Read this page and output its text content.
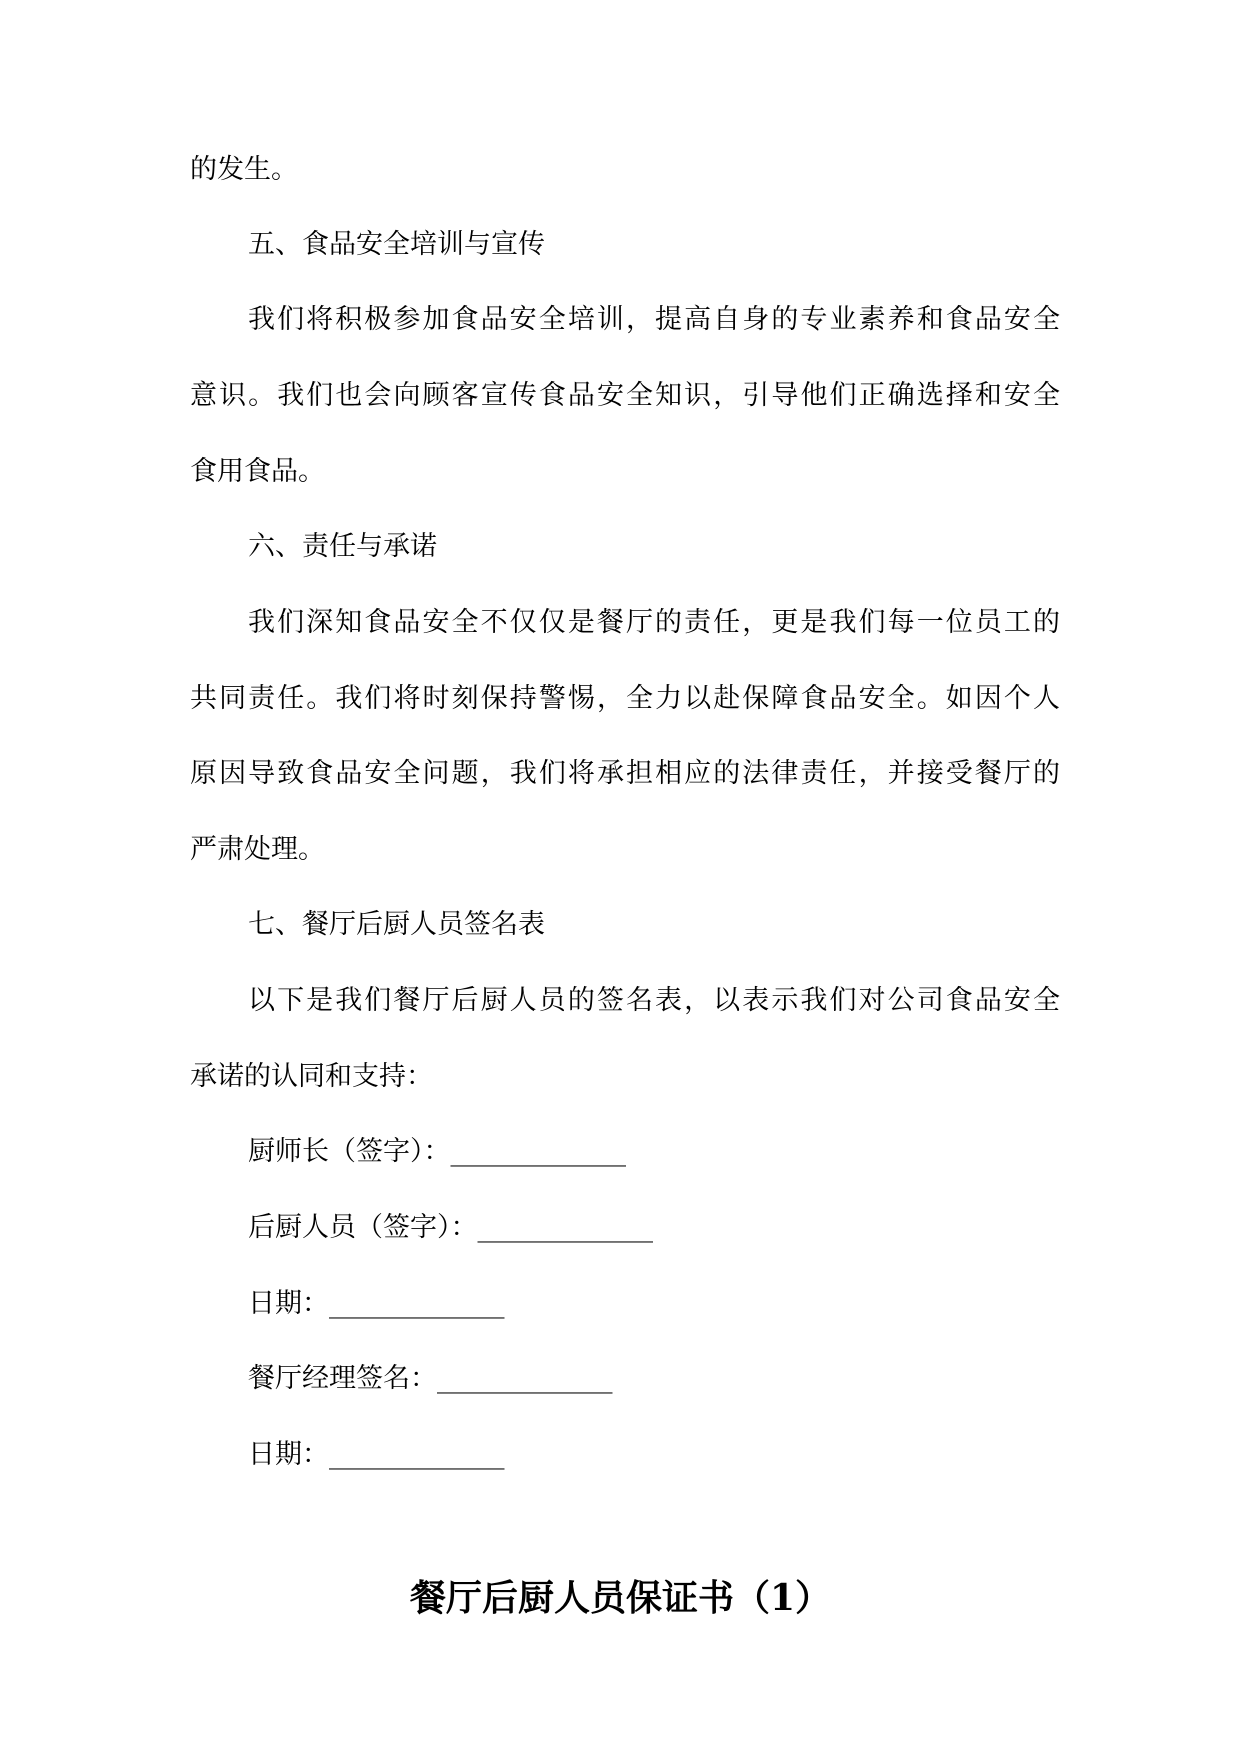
的发生。
五、食品安全培训与宣传
我们将积极参加食品安全培训，提高自身的专业素养和食品安全
意识。我们也会向顾客宣传食品安全知识，引导他们正确选择和安全
食用食品。
六、责任与承诺
我们深知食品安全不仅仅是餐厅的责任，更是我们每一位员工的
共同责任。我们将时刻保持警惕，全力以赴保障食品安全。如因个人
原因导致食品安全问题，我们将承担相应的法律责任，并接受餐厅的
严肃处理。
七、餐厅后厨人员签名表
以下是我们餐厅后厨人员的签名表，以表示我们对公司食品安全
承诺的认同和支持：
厨师长（签字）：_____________
后厨人员（签字）：_____________
日期：_____________
餐厅经理签名：_____________
日期：_____________
餐厅后厨人员保证书（1）
